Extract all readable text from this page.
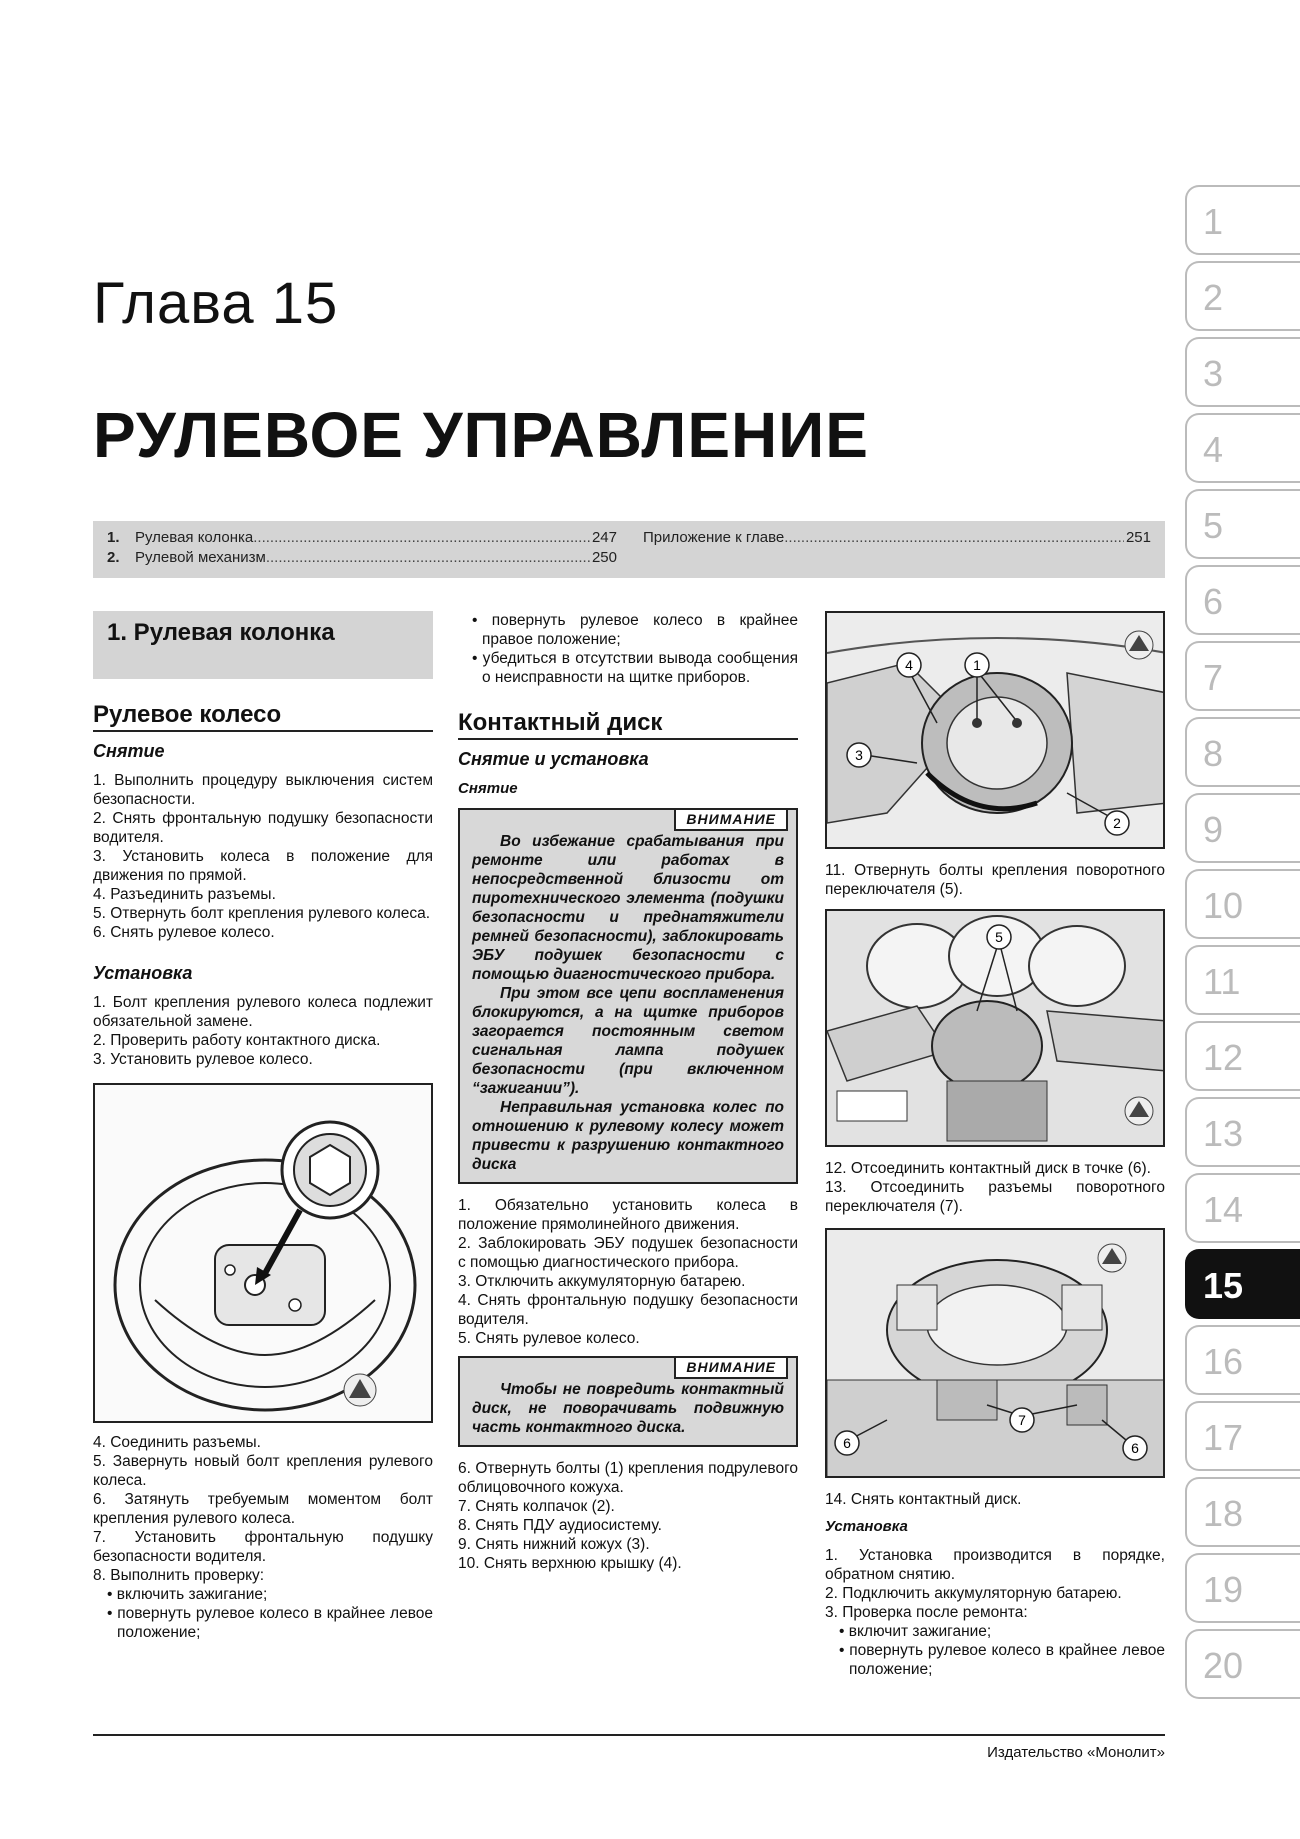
Глава 15
РУЛЕВОЕ УПРАВЛЕНИЕ
1.	Рулевая колонка .....	247
2.	Рулевой механизм .....	250
Приложение к главе .....	251
1. Рулевая колонка
Рулевое колесо
Снятие
1. Выполнить процедуру выключения систем безопасности.
2. Снять фронтальную подушку безопасности водителя.
3. Установить колеса в положение для движения по прямой.
4. Разъединить разъемы.
5. Отвернуть болт крепления рулевого колеса.
6. Снять рулевое колесо.
Установка
1. Болт крепления рулевого колеса подлежит обязательной замене.
2. Проверить работу контактного диска.
3. Установить рулевое колесо.
4. Соединить разъемы.
5. Завернуть новый болт крепления рулевого колеса.
6. Затянуть требуемым моментом болт крепления рулевого колеса.
7. Установить фронтальную подушку безопасности водителя.
8. Выполнить проверку:
• включить зажигание;
• повернуть рулевое колесо в крайнее левое положение;
• повернуть рулевое колесо в крайнее правое положение;
• убедиться в отсутствии вывода сообщения о неисправности на щитке приборов.
Контактный диск
Снятие и установка
Снятие
ВНИМАНИЕ

Во избежание срабатывания при ремонте или работах в непосредственной близости от пиротехнического элемента (подушки безопасности и преднатяжители ремней безопасности), заблокировать ЭБУ подушек безопасности с помощью диагностического прибора.

При этом все цепи воспламенения блокируются, а на щитке приборов загорается постоянным светом сигнальная лампа подушек безопасности (при включенном “зажигании”).

Неправильная установка колес по отношению к рулевому колесу может привести к разрушению контактного диска

1. Обязательно установить колеса в положение прямолинейного движения.
2. Заблокировать ЭБУ подушек безопасности с помощью диагностического прибора.
3. Отключить аккумуляторную батарею.
4. Снять фронтальную подушку безопасности водителя.
5. Снять рулевое колесо.
ВНИМАНИЕ

Чтобы не повредить контактный диск, не поворачивать подвижную часть контактного диска.

6. Отвернуть болты (1) крепления подрулевого облицовочного кожуха.
7. Снять колпачок (2).
8. Снять ПДУ аудиосистему.
9. Снять нижний кожух (3).
10. Снять верхнюю крышку (4).
4	1
3
2
11. Отвернуть болты крепления поворотного переключателя (5).
5
12. Отсоединить контактный диск в точке (6).
13. Отсоединить разъемы поворотного переключателя (7).
7
6	6
14. Снять контактный диск.
Установка
1. Установка производится в порядке, обратном снятию.
2. Подключить аккумуляторную батарею.
3. Проверка после ремонта:
• включит зажигание;
• повернуть рулевое колесо в крайнее левое положение;
1
2
3
4
5
6
7
8
9
10
11
12
13
14
15
16
17
18
19
20
Издательство «Монолит»
